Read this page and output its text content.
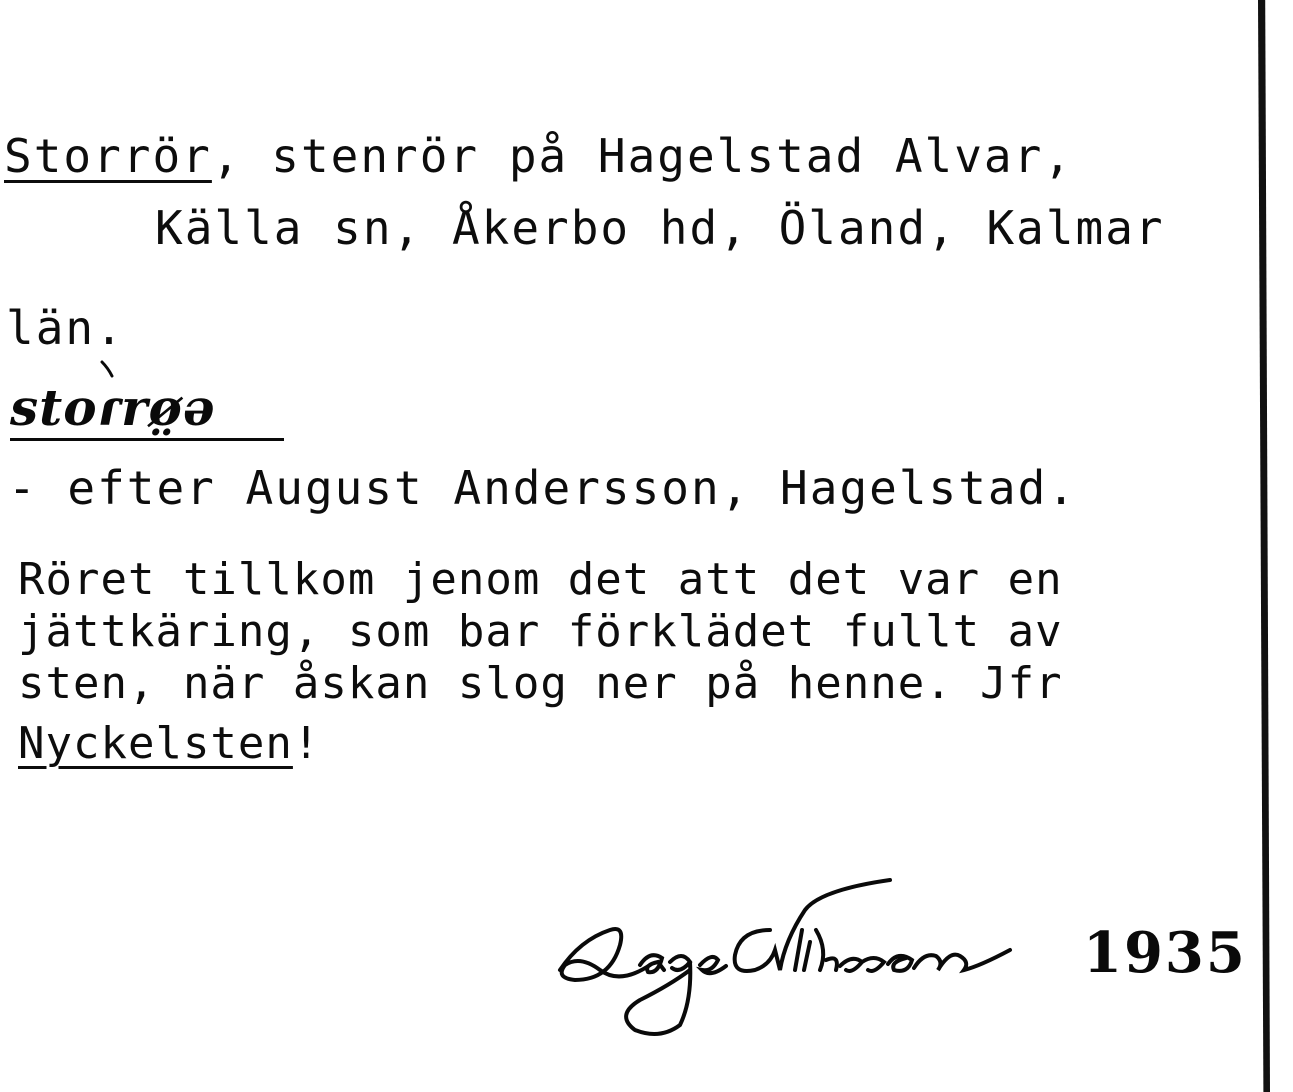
Storrör, stenrör på Hagelstad Alvar,
Källa sn, Åkerbo hd, Öland, Kalmar
län.
stoɾrø̤ə
- efter August Andersson, Hagelstad.
Röret tillkom jenom det att det var en
jättkäring, som bar förklädet fullt av
sten, när åskan slog ner på henne. Jfr
Nyckelsten!
1935
